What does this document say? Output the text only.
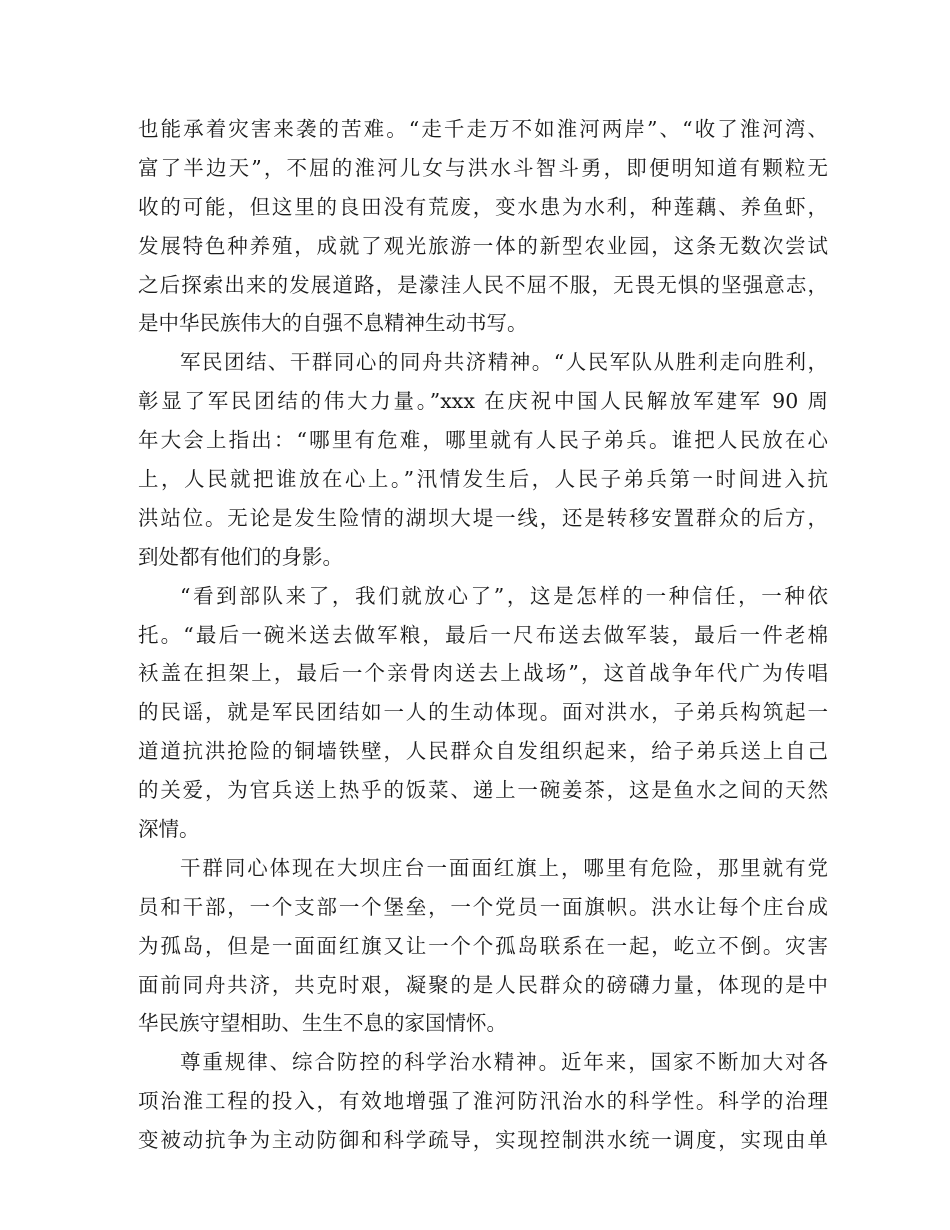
也能承着灾害来袭的苦难。“走千走万不如淮河两岸”、“收了淮河湾、
富了半边天”，不屈的淮河儿女与洪水斗智斗勇，即便明知道有颗粒无
收的可能，但这里的良田没有荒废，变水患为水利，种莲藕、养鱼虾，
发展特色种养殖，成就了观光旅游一体的新型农业园，这条无数次尝试
之后探索出来的发展道路，是濛洼人民不屈不服，无畏无惧的坚强意志，
是中华民族伟大的自强不息精神生动书写。
军民团结、干群同心的同舟共济精神。“人民军队从胜利走向胜利，
彰显了军民团结的伟大力量。”xxx 在庆祝中国人民解放军建军 90 周
年大会上指出：“哪里有危难，哪里就有人民子弟兵。谁把人民放在心
上，人民就把谁放在心上。”汛情发生后，人民子弟兵第一时间进入抗
洪站位。无论是发生险情的湖坝大堤一线，还是转移安置群众的后方，
到处都有他们的身影。
“看到部队来了，我们就放心了”，这是怎样的一种信任，一种依
托。“最后一碗米送去做军粮，最后一尺布送去做军装，最后一件老棉
袄盖在担架上，最后一个亲骨肉送去上战场”，这首战争年代广为传唱
的民谣，就是军民团结如一人的生动体现。面对洪水，子弟兵构筑起一
道道抗洪抢险的铜墙铁壁，人民群众自发组织起来，给子弟兵送上自己
的关爱，为官兵送上热乎的饭菜、递上一碗姜茶，这是鱼水之间的天然
深情。
干群同心体现在大坝庄台一面面红旗上，哪里有危险，那里就有党
员和干部，一个支部一个堡垒，一个党员一面旗帜。洪水让每个庄台成
为孤岛，但是一面面红旗又让一个个孤岛联系在一起，屹立不倒。灾害
面前同舟共济，共克时艰，凝聚的是人民群众的磅礴力量，体现的是中
华民族守望相助、生生不息的家国情怀。
尊重规律、综合防控的科学治水精神。近年来，国家不断加大对各
项治淮工程的投入，有效地增强了淮河防汛治水的科学性。科学的治理
变被动抗争为主动防御和科学疏导，实现控制洪水统一调度，实现由单
